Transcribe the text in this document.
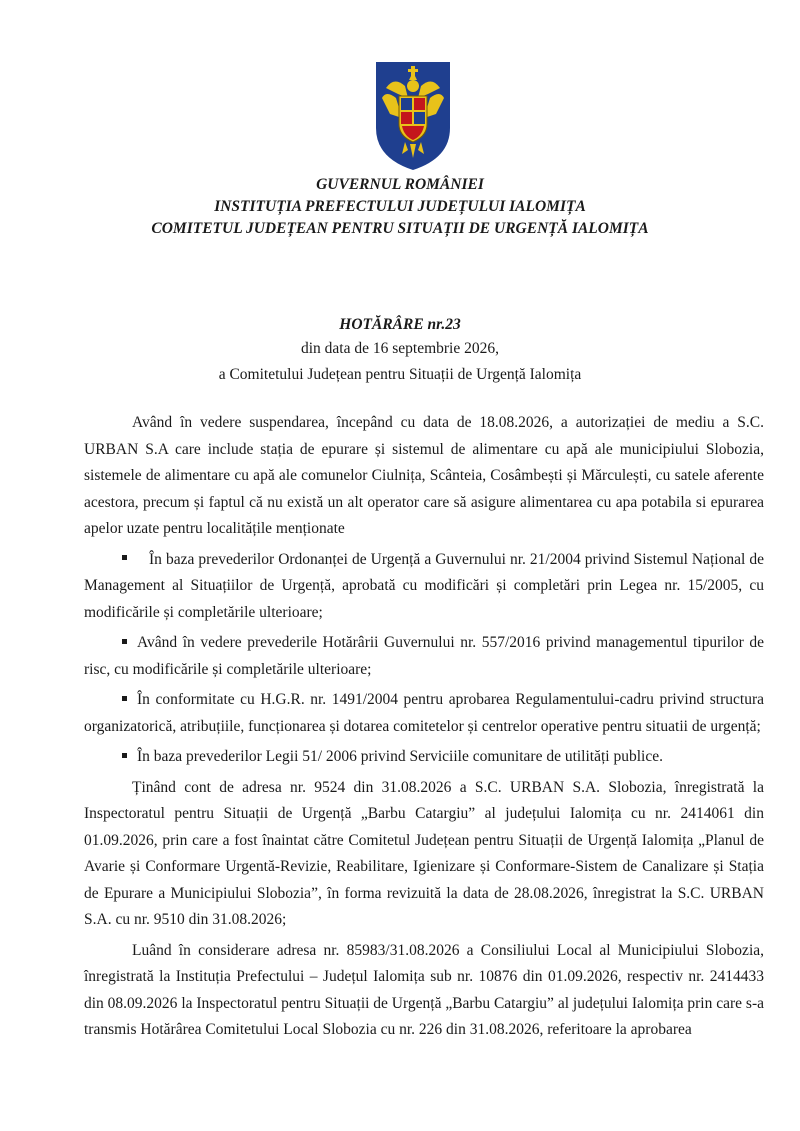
GUVERNUL ROMÂNIEI
INSTITUȚIA PREFECTULUI JUDEȚULUI IALOMIȚA
COMITETUL JUDEȚEAN PENTRU SITUAȚII DE URGENȚĂ IALOMIȚA
HOTĂRÂRE nr.23
din data de 16 septembrie 2026,
a Comitetului Județean pentru Situații de Urgență Ialomița

Având în vedere suspendarea, începând cu data de 18.08.2026, a autorizației de mediu a S.C. URBAN S.A care include stația de epurare și sistemul de alimentare cu apă ale municipiului Slobozia, sistemele de alimentare cu apă ale comunelor Ciulnița, Scânteia, Cosâmbești și Mărculești, cu satele aferente acestora, precum și faptul că nu există un alt operator care să asigure alimentarea cu apa potabila si epurarea apelor uzate pentru localitățile menționate

În baza prevederilor Ordonanței de Urgență a Guvernului nr. 21/2004 privind Sistemul Național de Management al Situațiilor de Urgență, aprobată cu modificări și completări prin Legea nr. 15/2005, cu modificările și completările ulterioare;

Având în vedere prevederile Hotărârii Guvernului nr. 557/2016 privind managementul tipurilor de risc, cu modificările și completările ulterioare;

În conformitate cu H.G.R. nr. 1491/2004 pentru aprobarea Regulamentului-cadru privind structura organizatorică, atribuțiile, funcționarea și dotarea comitetelor și centrelor operative pentru situatii de urgență;

În baza prevederilor Legii 51/ 2006 privind Serviciile comunitare de utilități publice.

Ținând cont de adresa nr. 9524 din 31.08.2026 a S.C. URBAN S.A. Slobozia, înregistrată la Inspectoratul pentru Situații de Urgență „Barbu Catargiu” al județului Ialomița cu nr. 2414061 din 01.09.2026, prin care a fost înaintat către Comitetul Județean pentru Situații de Urgență Ialomița „Planul de Avarie și Conformare Urgentă-Revizie, Reabilitare, Igienizare și Conformare-Sistem de Canalizare și Stația de Epurare a Municipiului Slobozia”, în forma revizuită la data de 28.08.2026, înregistrat la S.C. URBAN S.A. cu nr. 9510 din 31.08.2026;

Luând în considerare adresa nr. 85983/31.08.2026 a Consiliului Local al Municipiului Slobozia, înregistrată la Instituția Prefectului – Județul Ialomița sub nr. 10876 din 01.09.2026, respectiv nr. 2414433 din 08.09.2026 la Inspectoratul pentru Situații de Urgență „Barbu Catargiu” al județului Ialomița prin care s-a transmis Hotărârea Comitetului Local Slobozia cu nr. 226 din 31.08.2026, referitoare la aprobarea
